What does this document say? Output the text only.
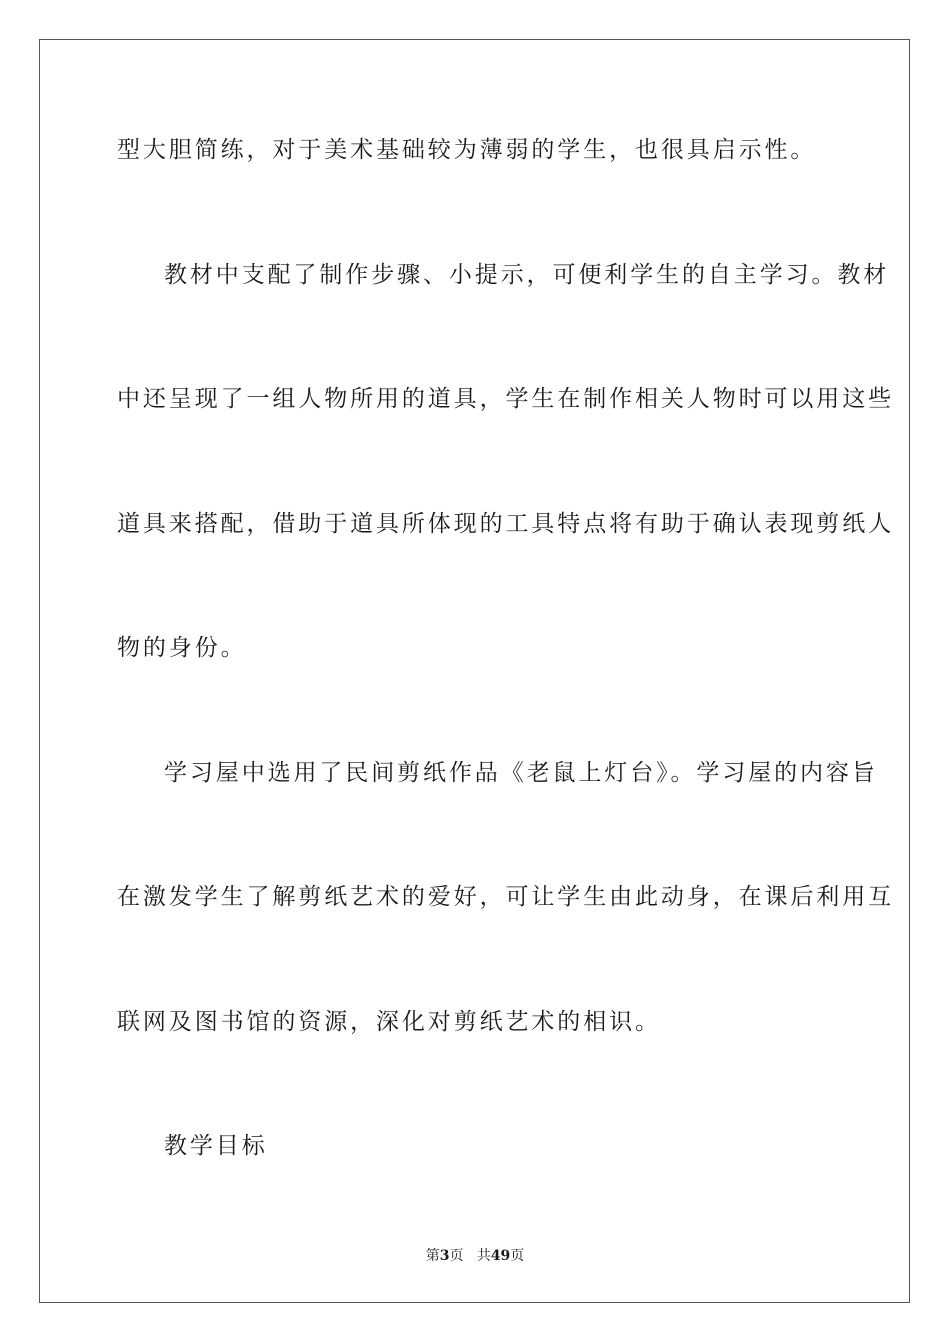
型大胆简练，对于美术基础较为薄弱的学生，也很具启示性。
教材中支配了制作步骤、小提示，可便利学生的自主学习。教材
中还呈现了一组人物所用的道具，学生在制作相关人物时可以用这些
道具来搭配，借助于道具所体现的工具特点将有助于确认表现剪纸人
物的身份。
学习屋中选用了民间剪纸作品《老鼠上灯台》。学习屋的内容旨
在激发学生了解剪纸艺术的爱好，可让学生由此动身，在课后利用互
联网及图书馆的资源，深化对剪纸艺术的相识。
教学目标
第3页 共49页
